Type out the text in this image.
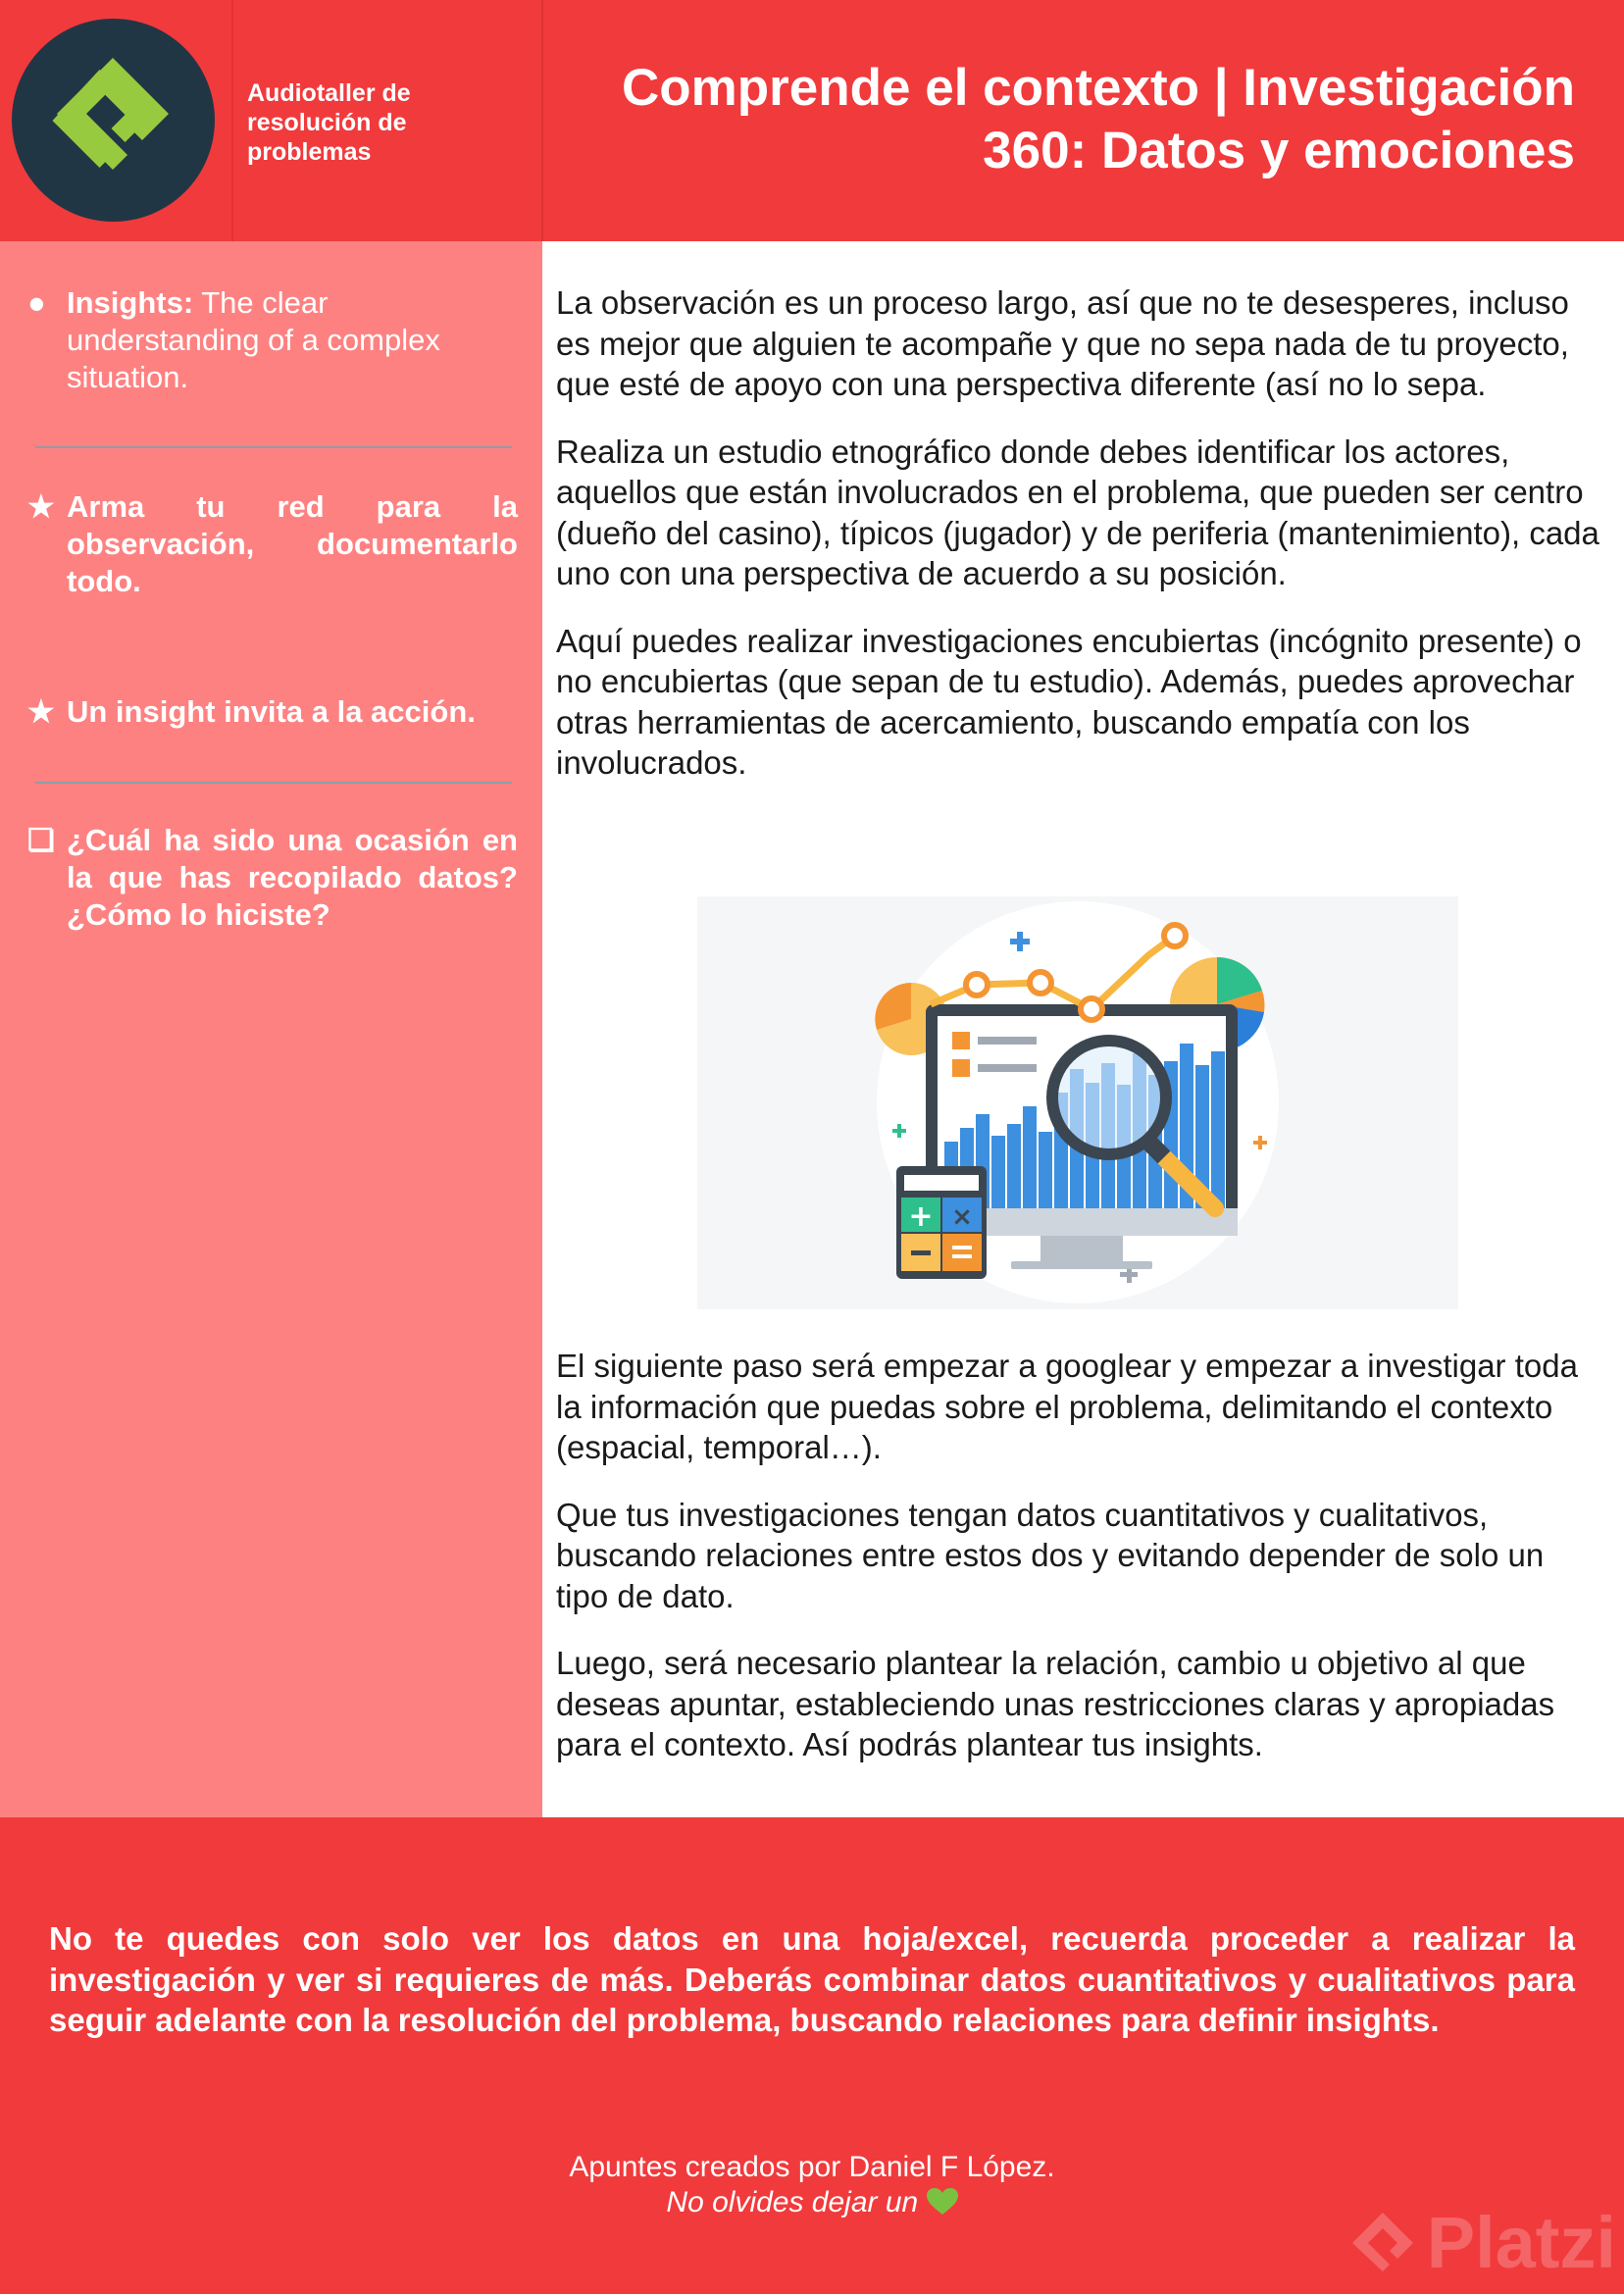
Audiotaller de resolución de problemas
Comprende el contexto | Investigación 360: Datos y emociones
● Insights: The clear understanding of a complex situation.
★ Arma tu red para la observación, documentarlo todo.
★ Un insight invita a la acción.
❏ ¿Cuál ha sido una ocasión en la que has recopilado datos?¿Cómo lo hiciste?

La observación es un proceso largo, así que no te desesperes, incluso es mejor que alguien te acompañe y que no sepa nada de tu proyecto, que esté de apoyo con una perspectiva diferente (así no lo sepa.

Realiza un estudio etnográfico donde debes identificar los actores, aquellos que están involucrados en el problema, que pueden ser centro (dueño del casino), típicos (jugador) y de periferia (mantenimiento), cada uno con una perspectiva de acuerdo a su posición.

Aquí puedes realizar investigaciones encubiertas (incógnito presente) o no encubiertas (que sepan de tu estudio). Además, puedes aprovechar otras herramientas de acercamiento, buscando empatía con los involucrados.

+ ×

El siguiente paso será empezar a googlear y empezar a investigar toda la información que puedas sobre el problema, delimitando el contexto (espacial, temporal…).

Que tus investigaciones tengan datos cuantitativos y cualitativos, buscando relaciones entre estos dos y evitando depender de solo un tipo de dato.

Luego, será necesario plantear la relación, cambio u objetivo al que deseas apuntar, estableciendo unas restricciones claras y apropiadas para el contexto. Así podrás plantear tus insights.

No te quedes con solo ver los datos en una hoja/excel, recuerda proceder a realizar la investigación y ver si requieres de más. Deberás combinar datos cuantitativos y cualitativos para seguir adelante con la resolución del problema, buscando relaciones para definir insights.

Apuntes creados por Daniel F López.
No olvides dejar un	Platzi
